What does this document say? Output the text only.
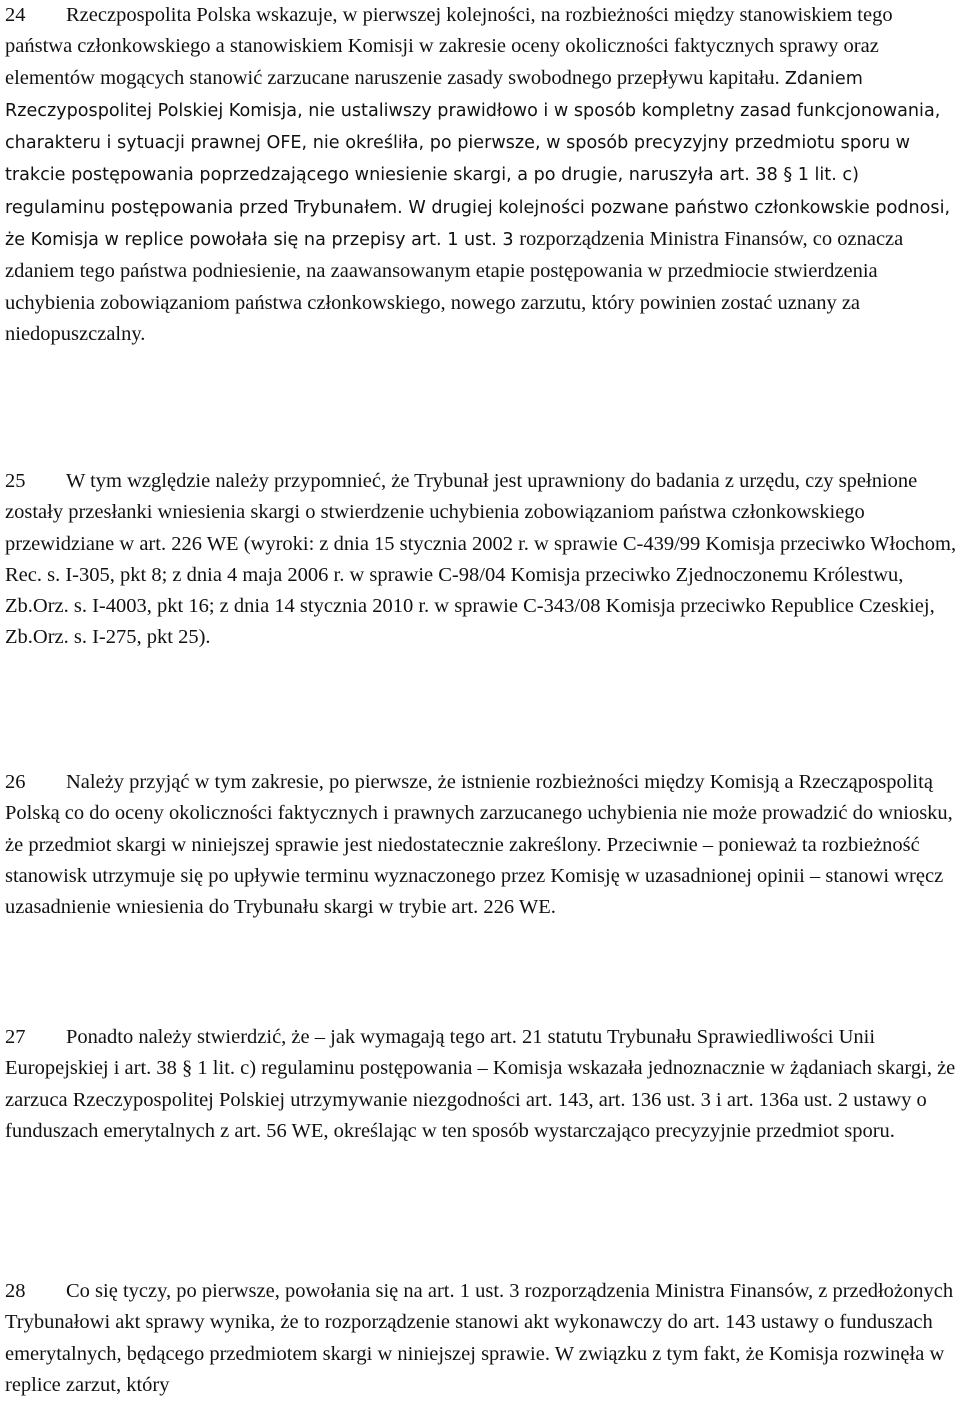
24 Rzeczpospolita Polska wskazuje, w pierwszej kolejności, na rozbieżności między stanowiskiem tego państwa członkowskiego a stanowiskiem Komisji w zakresie oceny okoliczności faktycznych sprawy oraz elementów mogących stanowić zarzucane naruszenie zasady swobodnego przepływu kapitału. Zdaniem Rzeczypospolitej Polskiej Komisja, nie ustaliwszy prawidłowo i w sposób kompletny zasad funkcjonowania, charakteru i sytuacji prawnej OFE, nie określiła, po pierwsze, w sposób precyzyjny przedmiotu sporu w trakcie postępowania poprzedzającego wniesienie skargi, a po drugie, naruszyła art. 38 § 1 lit. c) regulaminu postępowania przed Trybunałem. W drugiej kolejności pozwane państwo członkowskie podnosi, że Komisja w replice powołała się na przepisy art. 1 ust. 3 rozporządzenia Ministra Finansów, co oznacza zdaniem tego państwa podniesienie, na zaawansowanym etapie postępowania w przedmiocie stwierdzenia uchybienia zobowiązaniom państwa członkowskiego, nowego zarzutu, który powinien zostać uznany za niedopuszczalny.

25 W tym względzie należy przypomnieć, że Trybunał jest uprawniony do badania z urzędu, czy spełnione zostały przesłanki wniesienia skargi o stwierdzenie uchybienia zobowiązaniom państwa członkowskiego przewidziane w art. 226 WE (wyroki: z dnia 15 stycznia 2002 r. w sprawie C‑439/99 Komisja przeciwko Włochom, Rec. s. I‑305, pkt 8; z dnia 4 maja 2006 r. w sprawie C‑98/04 Komisja przeciwko Zjednoczonemu Królestwu, Zb.Orz. s. I‑4003, pkt 16; z dnia 14 stycznia 2010 r. w sprawie C‑343/08 Komisja przeciwko Republice Czeskiej, Zb.Orz. s. I‑275, pkt 25).

26 Należy przyjąć w tym zakresie, po pierwsze, że istnienie rozbieżności między Komisją a Rzecząpospolitą Polską co do oceny okoliczności faktycznych i prawnych zarzucanego uchybienia nie może prowadzić do wniosku, że przedmiot skargi w niniejszej sprawie jest niedostatecznie zakreślony. Przeciwnie – ponieważ ta rozbieżność stanowisk utrzymuje się po upływie terminu wyznaczonego przez Komisję w uzasadnionej opinii – stanowi wręcz uzasadnienie wniesienia do Trybunału skargi w trybie art. 226 WE.

27 Ponadto należy stwierdzić, że – jak wymagają tego art. 21 statutu Trybunału Sprawiedliwości Unii Europejskiej i art. 38 § 1 lit. c) regulaminu postępowania – Komisja wskazała jednoznacznie w żądaniach skargi, że zarzuca Rzeczypospolitej Polskiej utrzymywanie niezgodności art. 143, art. 136 ust. 3 i art. 136a ust. 2 ustawy o funduszach emerytalnych z art. 56 WE, określając w ten sposób wystarczająco precyzyjnie przedmiot sporu.

28 Co się tyczy, po pierwsze, powołania się na art. 1 ust. 3 rozporządzenia Ministra Finansów, z przedłożonych Trybunałowi akt sprawy wynika, że to rozporządzenie stanowi akt wykonawczy do art. 143 ustawy o funduszach emerytalnych, będącego przedmiotem skargi w niniejszej sprawie. W związku z tym fakt, że Komisja rozwinęła w replice zarzut, który
